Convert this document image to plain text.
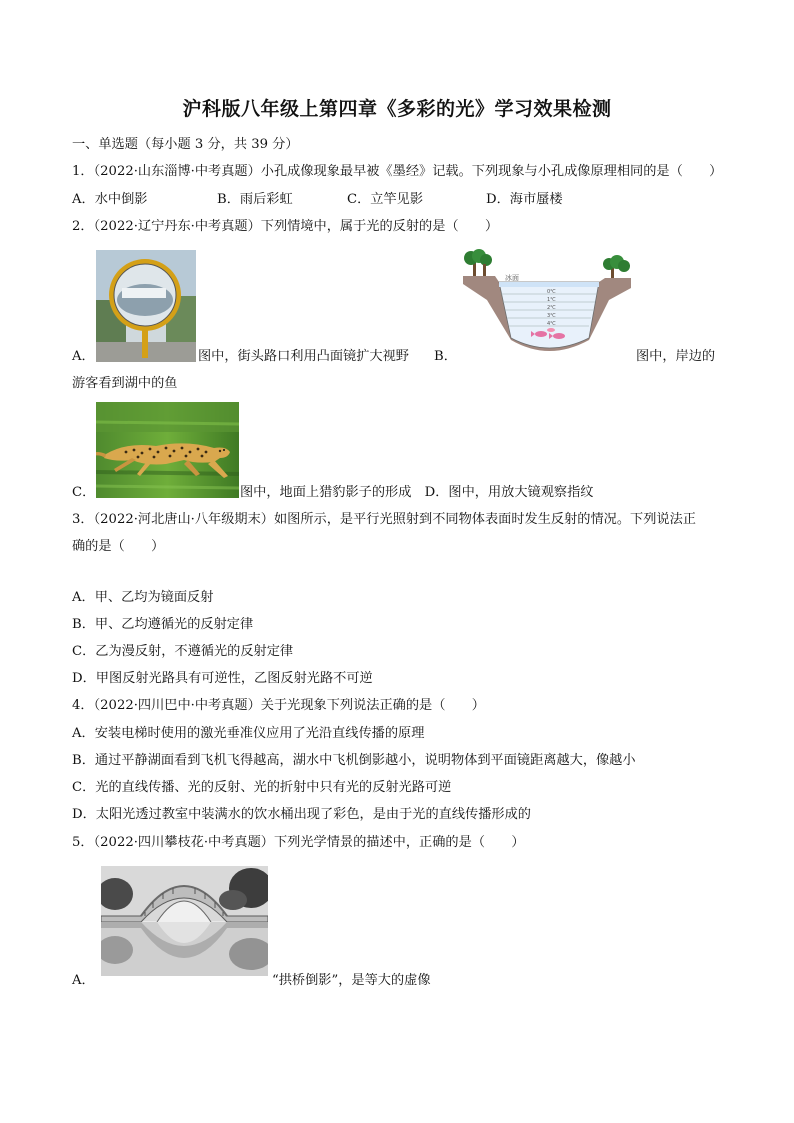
沪科版八年级上第四章《多彩的光》学习效果检测
一、单选题（每小题 3 分，共 39 分）
1．（2022·山东淄博·中考真题）小孔成像现象最早被《墨经》记载。下列现象与小孔成像原理相同的是（　　）
A．水中倒影	B．雨后彩虹	C．立竿见影	D．海市蜃楼
2．（2022·辽宁丹东·中考真题）下列情境中，属于光的反射的是（　　）
A．	图中，街头路口利用凸面镜扩大视野 B．
冰面
0℃
1℃
2℃
3℃
4℃
图中，岸边的
游客看到湖中的鱼
C．	图中，地面上猎豹影子的形成　D．图中，用放大镜观察指纹
3．（2022·河北唐山·八年级期末）如图所示，是平行光照射到不同物体表面时发生反射的情况。下列说法正
确的是（　　）
A．甲、乙均为镜面反射
B．甲、乙均遵循光的反射定律
C．乙为漫反射，不遵循光的反射定律
D．甲图反射光路具有可逆性，乙图反射光路不可逆
4．（2022·四川巴中·中考真题）关于光现象下列说法正确的是（　　）
A．安装电梯时使用的激光垂准仪应用了光沿直线传播的原理
B．通过平静湖面看到飞机飞得越高，湖水中飞机倒影越小，说明物体到平面镜距离越大，像越小
C．光的直线传播、光的反射、光的折射中只有光的反射光路可逆
D．太阳光透过教室中装满水的饮水桶出现了彩色，是由于光的直线传播形成的
5．（2022·四川攀枝花·中考真题）下列光学情景的描述中，正确的是（　　）
A．	“拱桥倒影”，是等大的虚像
